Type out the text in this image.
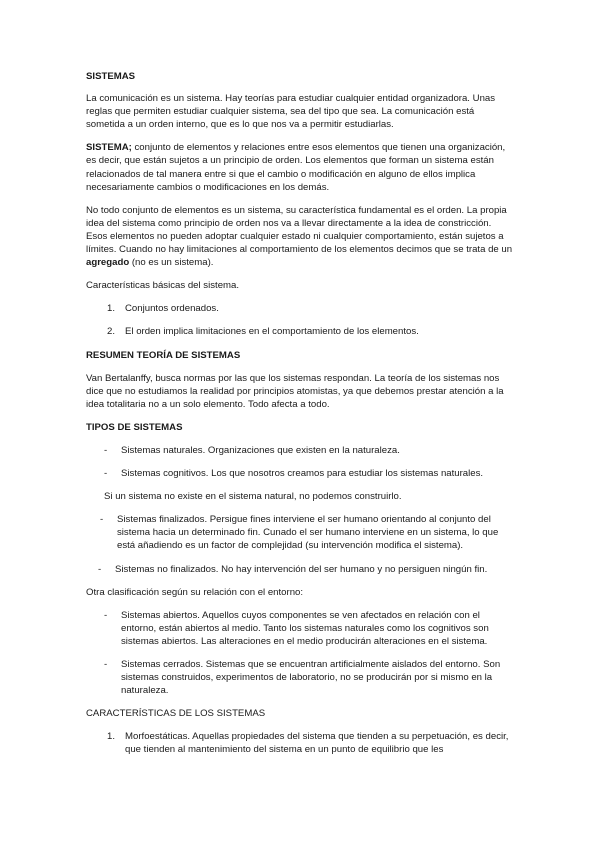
SISTEMAS

La comunicación es un sistema. Hay teorías para estudiar cualquier entidad organizadora. Unas reglas que permiten estudiar cualquier sistema, sea del tipo que sea. La comunicación está sometida a un orden interno, que es lo que nos va a permitir estudiarlas.

SISTEMA; conjunto de elementos y relaciones entre esos elementos que tienen una organización, es decir, que están sujetos a un principio de orden. Los elementos que forman un sistema están relacionados de tal manera entre si que el cambio o modificación en alguno de ellos implica necesariamente cambios o modificaciones en los demás.

No todo conjunto de elementos es un sistema, su característica fundamental es el orden. La propia idea del sistema como principio de orden nos va a llevar directamente a la idea de constricción. Esos elementos no pueden adoptar cualquier estado ni cualquier comportamiento, están sujetos a límites. Cuando no hay limitaciones al comportamiento de los elementos decimos que se trata de un agregado (no es un sistema).

Características básicas del sistema.

1.	Conjuntos ordenados.
2.	El orden implica limitaciones en el comportamiento de los elementos.

RESUMEN TEORÍA DE SISTEMAS

Van Bertalanffy, busca normas por las que los sistemas respondan. La teoría de los sistemas nos dice que no estudiamos la realidad por principios atomistas, ya que debemos prestar atención a la idea totalitaria no a un solo elemento. Todo afecta a todo.

TIPOS DE SISTEMAS

-	Sistemas naturales. Organizaciones que existen en la naturaleza.
-	Sistemas cognitivos. Los que nosotros creamos para estudiar los sistemas naturales.

Si un sistema no existe en el sistema natural, no podemos construirlo.

-	Sistemas finalizados. Persigue fines interviene el ser humano orientando al conjunto del sistema hacia un determinado fin. Cunado el ser humano interviene en un sistema, lo que está añadiendo es un factor de complejidad (su intervención modifica el sistema).
-	Sistemas no finalizados. No hay intervención del ser humano y no persiguen ningún fin.

Otra clasificación según su relación con el entorno:

-	Sistemas abiertos. Aquellos cuyos componentes se ven afectados en relación con el entorno, están abiertos al medio. Tanto los sistemas naturales como los cognitivos son sistemas abiertos. Las alteraciones en el medio producirán alteraciones en el sistema.
-	Sistemas cerrados. Sistemas que se encuentran artificialmente aislados del entorno. Son sistemas construidos, experimentos de laboratorio, no se producirán por si mismo en la naturaleza.

CARACTERÍSTICAS DE LOS SISTEMAS

1.	Morfoestáticas. Aquellas propiedades del sistema que tienden a su perpetuación, es decir, que tienden al mantenimiento del sistema en un punto de equilibrio que les
